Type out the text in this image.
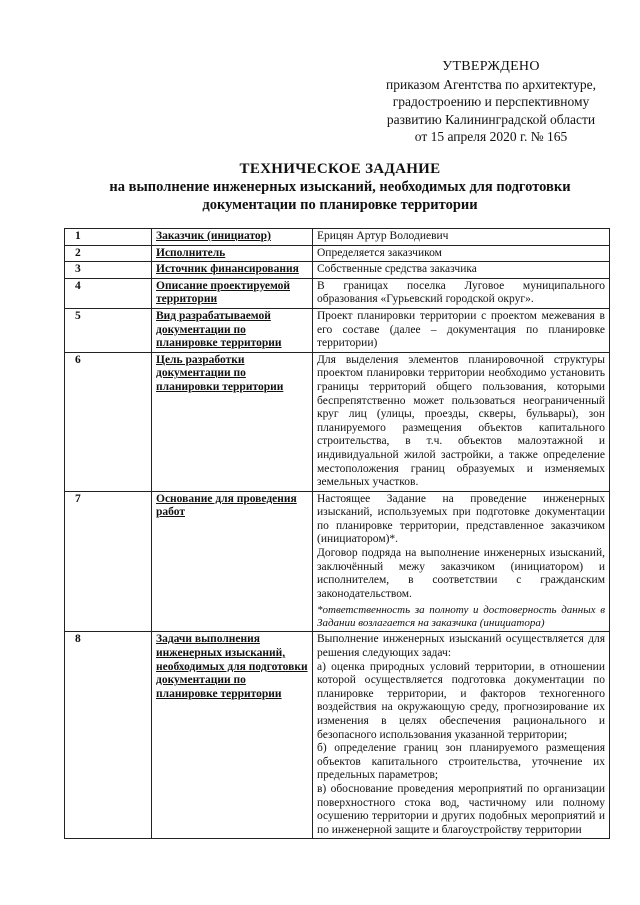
УТВЕРЖДЕНО
приказом Агентства по архитектуре,
градостроению и перспективному
развитию Калининградской области
от 15 апреля 2020 г. № 165
ТЕХНИЧЕСКОЕ ЗАДАНИЕ
на выполнение инженерных изысканий, необходимых для подготовки
документации по планировке территории
1	Заказчик (инициатор)	Ерицян Артур Володиевич

2	Исполнитель	Определяется заказчиком

3	Источник финансирования	Собственные средства заказчика

4	Описание проектируемой территории	В границах поселка Луговое муниципального образования «Гурьевский городской округ».

5	Вид разрабатываемой документации по планировке территории	Проект планировки территории с проектом межевания в его составе (далее – документация по планировке территории)

6	Цель разработки документации по планировки территории	Для выделения элементов планировочной структуры проектом планировки территории необходимо установить границы территорий общего пользования, которыми беспрепятственно может пользоваться неограниченный круг лиц (улицы, проезды, скверы, бульвары), зон планируемого размещения объектов капитального строительства, в т.ч. объектов малоэтажной и индивидуальной жилой застройки, а также определение местоположения границ образуемых и изменяемых земельных участков.

7	Основание для проведения работ	Настоящее Задание на проведение инженерных изысканий, используемых при подготовке документации по планировке территории, представленное заказчиком (инициатором)*.
Договор подряда на выполнение инженерных изысканий, заключённый межу заказчиком (инициатором) и исполнителем, в соответствии с гражданским законодательством.
*ответственность за полноту и достоверность данных в Задании возлагается на заказчика (инициатора)

8	Задачи выполнения инженерных изысканий, необходимых для подготовки документации по планировке территории	Выполнение инженерных изысканий осуществляется для решения следующих задач:
а) оценка природных условий территории, в отношении которой осуществляется подготовка документации по планировке территории, и факторов техногенного воздействия на окружающую среду, прогнозирование их изменения в целях обеспечения рационального и безопасного использования указанной территории;
б) определение границ зон планируемого размещения объектов капитального строительства, уточнение их предельных параметров;
в) обоснование проведения мероприятий по организации поверхностного стока вод, частичному или полному осушению территории и других подобных мероприятий и по инженерной защите и благоустройству территории
